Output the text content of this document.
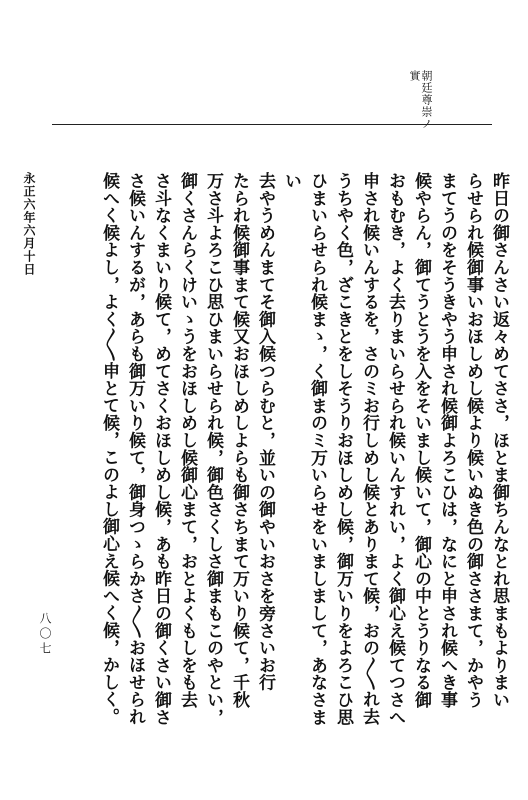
朝廷尊崇ノ實
昨日の御さんさい返々めてささ，ほとま御ちんなとれ思まもよりまい
らせられ候御事いおほしめし候より候いぬき色の御ささまて，かやう
まてうのをそうきやう申され候御よろこひは，なにと申され候へき事
候やらん，御てうとうを入をそいまし候いて，御心の中とうりなる御
おもむき，よく去りまいらせられ候いんすれい，よく御心え候てつさへ
申され候いんするを，さのミお行しめし候とありまて候，おの〳〵れ去
うちやく色，ざこきとをしそうりおほしめし候，御万いりをよろこひ思
ひまいらせられ候まゝ，く御まのミ万いらせをいましまして，あなさまい
去やうめんまてそ御入候つらむと，並いの御やいおさを旁さいお行
たられ候御事まて候又おほしめしよらも御さちまて万いり候て，千秋
万さ斗よろこひ思ひまいらせられ候，御色さくしさ御まもこのやとい，
御くさんらくけいゝうをおほしめし候御心まて，おとよくもしをも去
さ斗なくまいり候て，めてさくおほしめし候，あも昨日の御くさい御さ
さ候いんするが，あらも御万いり候て，御身つゝらかさ〳〵おほせられ
候へく候よし，よく〳〵申とて候，このよし御心え候へく候，かしく。
永正六年六月十日
八〇七
